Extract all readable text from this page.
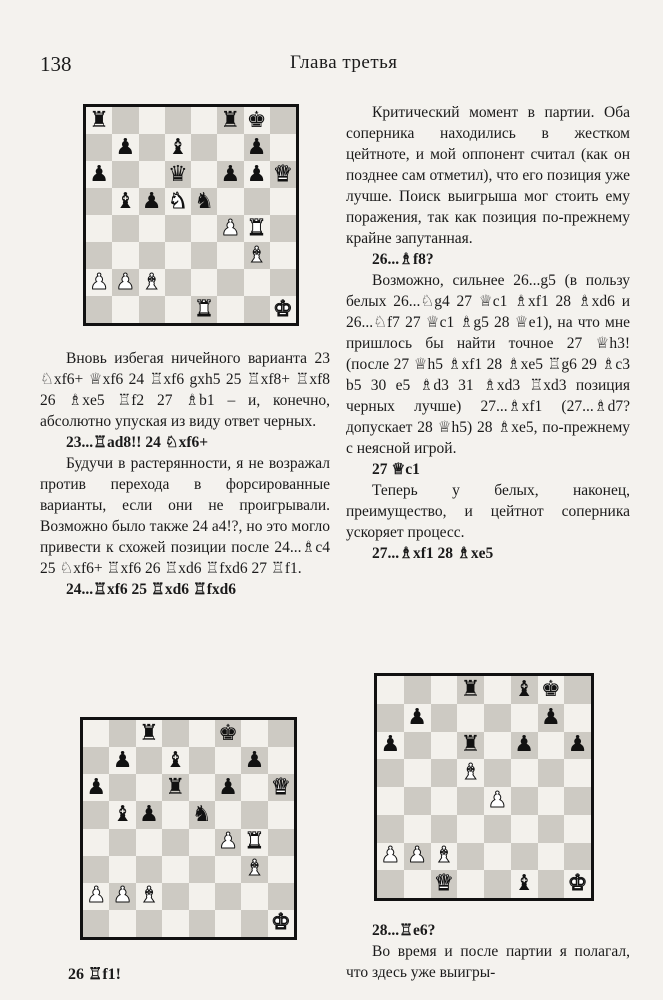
138	Глава третья
♜	♜ ♚
♟ ♝	♟
♟	♛ ♟ ♟ ♛
♝ ♟ ♞ ♞
♟ ♜
♝
♟ ♟ ♝
♜	♚

Вновь избегая ничейного варианта 23 ♘xf6+ ♕xf6 24 ♖xf6 gxh5 25 ♖xf8+ ♖xf8 26 ♗xe5 ♖f2 27 ♗b1 – и, конечно, абсолютно упуская из виду ответ черных.

23...♖ad8!! 24 ♘xf6+

Будучи в растерянности, я не возражал против перехода в форсированные варианты, если они не проигрывали. Возможно было также 24 a4!?, но это могло привести к схожей позиции после 24...♗c4 25 ♘xf6+ ♖xf6 26 ♖xd6 ♖fxd6 27 ♖f1.

24...♖xf6 25 ♖xd6 ♖fxd6

♜	♚
♟ ♝	♟
♟	♜ ♟ ♛
♝ ♟ ♞
♟ ♜
♝
♟ ♟ ♝
♚
26 ♖f1!

Критический момент в партии. Оба соперника находились в жестком цейтноте, и мой оппонент считал (как он позднее сам отметил), что его позиция уже лучше. Поиск выигрыша мог стоить ему поражения, так как позиция по-прежнему крайне запутанная.

26...♗f8?

Возможно, сильнее 26...g5 (в пользу белых 26...♘g4 27 ♕c1 ♗xf1 28 ♗xd6 и 26...♘f7 27 ♕c1 ♗g5 28 ♕e1), на что мне пришлось бы найти точное 27 ♕h3! (после 27 ♕h5 ♗xf1 28 ♗xe5 ♖g6 29 ♗c3 b5 30 e5 ♗d3 31 ♗xd3 ♖xd3 позиция черных лучше) 27...♗xf1 (27...♗d7? допускает 28 ♕h5) 28 ♗xe5, по-прежнему с неясной игрой.

27 ♕c1

Теперь у белых, наконец, преимущество, и цейтнот соперника ускоряет процесс.

27...♗xf1 28 ♗xe5

♜ ♝ ♚
♟	♟
♟	♜ ♟ ♟
♝
♟
♟ ♟ ♝
♛	♝ ♚

28...♖e6?

Во время и после партии я полагал, что здесь уже выигры-
